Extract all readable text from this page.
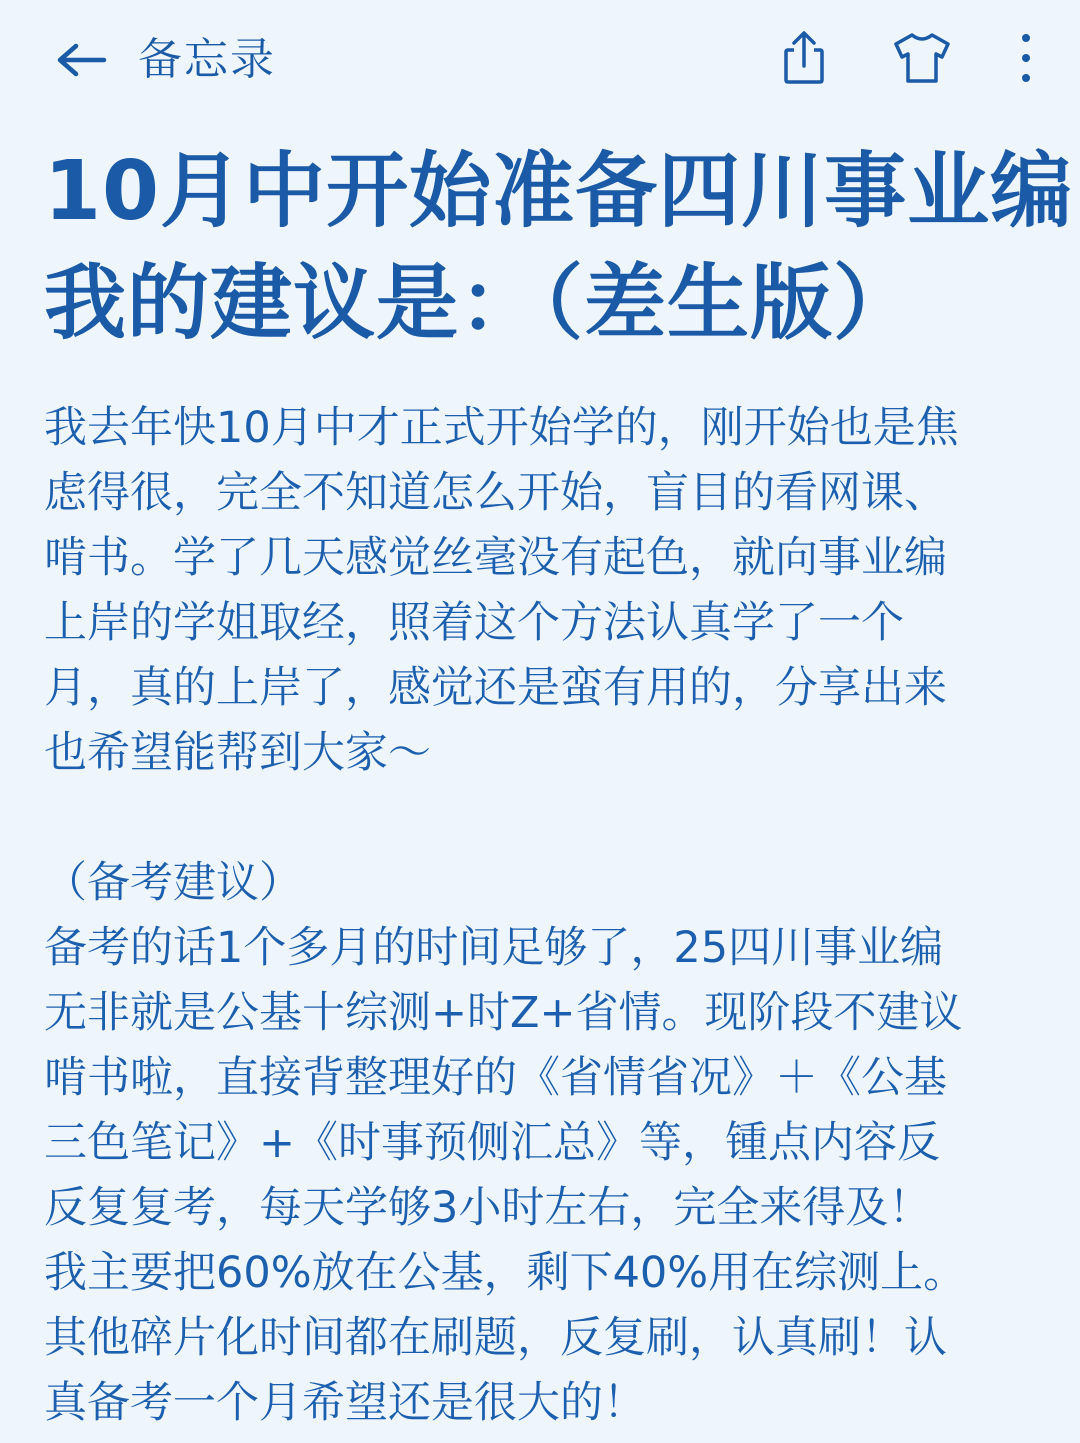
备忘录
10月中开始准备四川事业编
我的建议是：（差生版）
我去年快10月中才正式开始学的，刚开始也是焦
虑得很，完全不知道怎么开始，盲目的看网课、
啃书。学了几天感觉丝毫没有起色，就向事业编
上岸的学姐取经，照着这个方法认真学了一个
月，真的上岸了，感觉还是蛮有用的，分享出来
也希望能帮到大家～
（备考建议）
备考的话1个多月的时间足够了，25四川事业编
无非就是公基十综测+时Z+省情。现阶段不建议
啃书啦，直接背整理好的《省情省况》＋《公基
三色笔记》+《时事预侧汇总》等，锺点内容反
反复复考，每天学够3小时左右，完全来得及！
我主要把60%放在公基，剩下40%用在综测上。
其他碎片化时间都在刷题，反复刷，认真刷！认
真备考一个月希望还是很大的！
